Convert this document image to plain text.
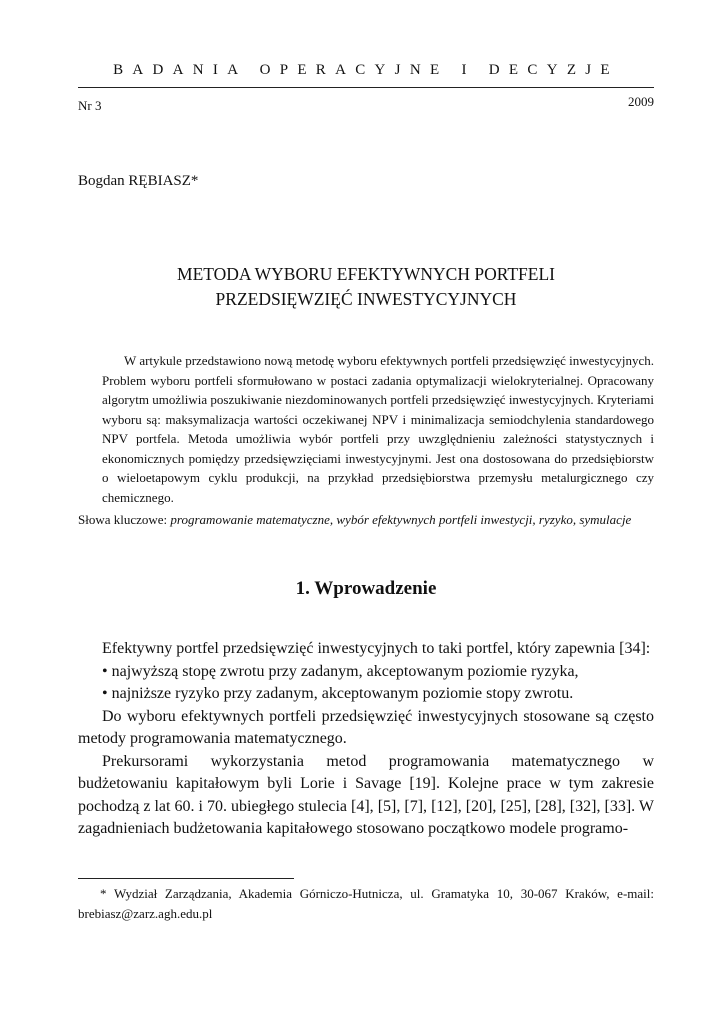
BADANIA OPERACYJNE I DECYZJE
Nr 3	2009
Bogdan RĘBIASZ*
METODA WYBORU EFEKTYWNYCH PORTFELI
PRZEDSIĘWZIĘĆ INWESTYCYJNYCH
W artykule przedstawiono nową metodę wyboru efektywnych portfeli przedsięwzięć inwestycyjnych. Problem wyboru portfeli sformułowano w postaci zadania optymalizacji wielokryterialnej. Opracowany algorytm umożliwia poszukiwanie niezdominowanych portfeli przedsięwzięć inwestycyjnych. Kryteriami wyboru są: maksymalizacja wartości oczekiwanej NPV i minimalizacja semiodchylenia standardowego NPV portfela. Metoda umożliwia wybór portfeli przy uwzględnieniu zależności statystycznych i ekonomicznych pomiędzy przedsięwzięciami inwestycyjnymi. Jest ona dostosowana do przedsiębiorstw o wieloetapowym cyklu produkcji, na przykład przedsiębiorstwa przemysłu metalurgicznego czy chemicznego.
Słowa kluczowe: programowanie matematyczne, wybór efektywnych portfeli inwestycji, ryzyko, symulacje
1. Wprowadzenie

Efektywny portfel przedsięwzięć inwestycyjnych to taki portfel, który zapewnia [34]:

• najwyższą stopę zwrotu przy zadanym, akceptowanym poziomie ryzyka,

• najniższe ryzyko przy zadanym, akceptowanym poziomie stopy zwrotu.

Do wyboru efektywnych portfeli przedsięwzięć inwestycyjnych stosowane są często metody programowania matematycznego.

Prekursorami wykorzystania metod programowania matematycznego w budżetowaniu kapitałowym byli Lorie i Savage [19]. Kolejne prace w tym zakresie pochodzą z lat 60. i 70. ubiegłego stulecia [4], [5], [7], [12], [20], [25], [28], [32], [33]. W zagadnieniach budżetowania kapitałowego stosowano początkowo modele programo-

* Wydział Zarządzania, Akademia Górniczo-Hutnicza, ul. Gramatyka 10, 30-067 Kraków, e-mail: brebiasz@zarz.agh.edu.pl
